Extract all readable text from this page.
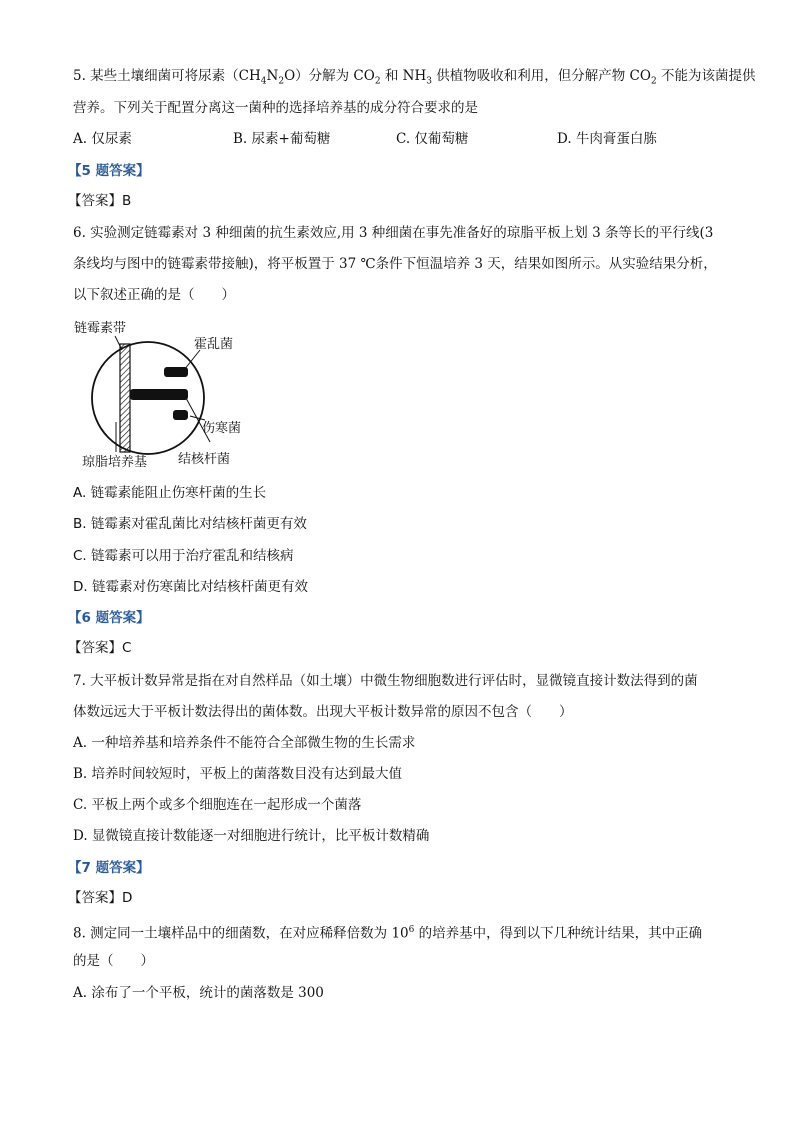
5. 某些土壤细菌可将尿素$(CH_4N_2O)$分解为 $CO_2$ 和 $NH_3$ 供植物吸收和利用，但分解产物 $CO_2$ 不能为该菌提供
营养。下列关于配置分离这一菌种的选择培养基的成分符合要求的是
A. 仅尿素	B. 尿素+葡萄糖	C. 仅葡萄糖	D. 牛肉膏蛋白胨
【5 题答案】
【答案】B
6. 实验测定链霉素对 3 种细菌的抗生素效应,用 3 种细菌在事先准备好的琼脂平板上划 3 条等长的平行线(3
条线均与图中的链霉素带接触)，将平板置于 37 ℃条件下恒温培养 3 天，结果如图所示。从实验结果分析，
以下叙述正确的是（　　）
链霉素带
霍乱菌
伤寒菌
琼脂培养基 结核杆菌
A. 链霉素能阻止伤寒杆菌的生长
B. 链霉素对霍乱菌比对结核杆菌更有效
C. 链霉素可以用于治疗霍乱和结核病
D. 链霉素对伤寒菌比对结核杆菌更有效
【6 题答案】
【答案】C
7. 大平板计数异常是指在对自然样品（如土壤）中微生物细胞数进行评估时，显微镜直接计数法得到的菌
体数远远大于平板计数法得出的菌体数。出现大平板计数异常的原因不包含（　　）
A. 一种培养基和培养条件不能符合全部微生物的生长需求
B. 培养时间较短时，平板上的菌落数目没有达到最大值
C. 平板上两个或多个细胞连在一起形成一个菌落
D. 显微镜直接计数能逐一对细胞进行统计，比平板计数精确
【7 题答案】
【答案】D
8. 测定同一土壤样品中的细菌数，在对应稀释倍数为 $10^6$ 的培养基中，得到以下几种统计结果，其中正确
的是（　　）
A. 涂布了一个平板，统计的菌落数是 300
